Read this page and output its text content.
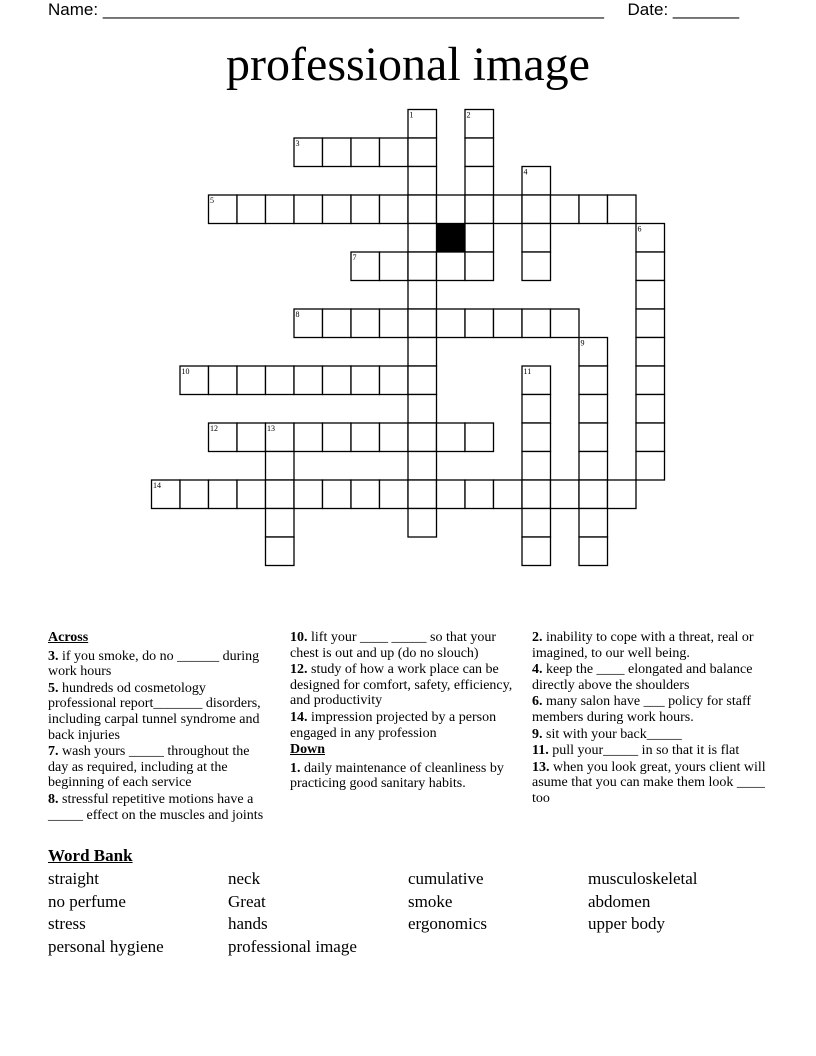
Name: _____________________________________________________ Date: _______
professional image
1	2
3
4
5
6
7
8
9
10	11
12	13
14

Across

3. if you smoke, do no ______ during work hours

5. hundreds od cosmetology professional report_______ disorders, including carpal tunnel syndrome and back injuries

7. wash yours _____ throughout the day as required, including at the beginning of each service

8. stressful repetitive motions have a _____ effect on the muscles and joints

10. lift your ____ _____ so that your chest is out and up (do no slouch)

12. study of how a work place can be designed for comfort, safety, efficiency, and productivity

14. impression projected by a person engaged in any profession

Down

1. daily maintenance of cleanliness by practicing good sanitary habits.

2. inability to cope with a threat, real or imagined, to our well being.

4. keep the ____ elongated and balance directly above the shoulders

6. many salon have ___ policy for staff members during work hours.

9. sit with your back_____

11. pull your_____ in so that it is flat

13. when you look great, yours client will asume that you can make them look ____ too

Word Bank
straight	neck	cumulative	musculoskeletal
no perfume	Great	smoke	abdomen
stress	hands	ergonomics	upper body
personal hygiene	professional image
